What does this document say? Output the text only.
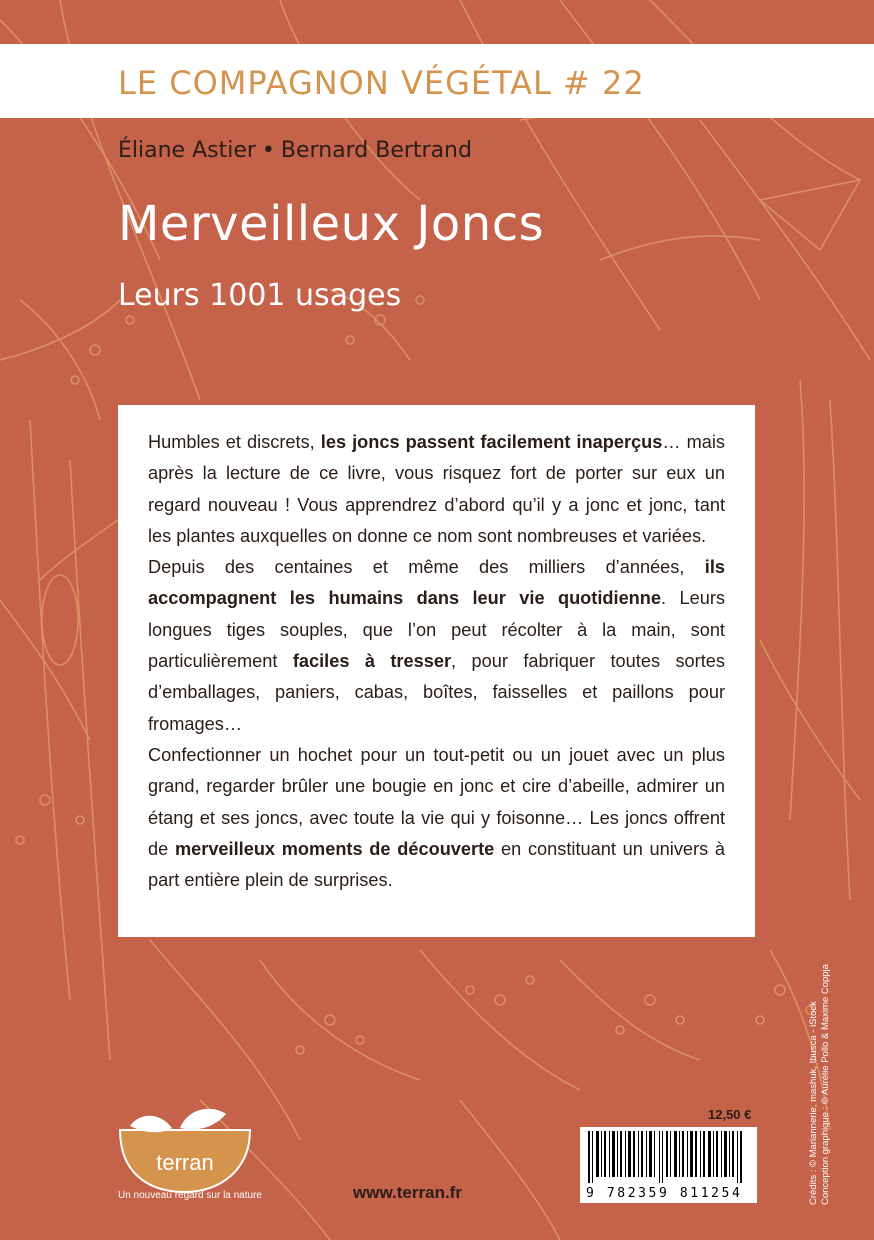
LE COMPAGNON VÉGÉTAL # 22
Éliane Astier • Bernard Bertrand
Merveilleux Joncs
Leurs 1001 usages

Humbles et discrets, les joncs passent facilement inaperçus… mais après la lecture de ce livre, vous risquez fort de porter sur eux un regard nouveau ! Vous apprendrez d’abord qu’il y a jonc et jonc, tant les plantes auxquelles on donne ce nom sont nombreuses et variées.

Depuis des centaines et même des milliers d’années, ils accompagnent les humains dans leur vie quotidienne. Leurs longues tiges souples, que l’on peut récolter à la main, sont particulièrement faciles à tresser, pour fabriquer toutes sortes d’emballages, paniers, cabas, boîtes, faisselles et paillons pour fromages…

Confectionner un hochet pour un tout-petit ou un jouet avec un plus grand, regarder brûler une bougie en jonc et cire d’abeille, admirer un étang et ses joncs, avec toute la vie qui y foisonne… Les joncs offrent de merveilleux moments de découverte en constituant un univers à part entière plein de surprises.

terran
Un nouveau regard sur la nature	www.terran.fr
12,50 €
9 782359 811254	Crédits : © Mariannerie, mashuk, Ibusca - iStock Conception graphique : © Aurélie Pollo & Maxime Coppja
